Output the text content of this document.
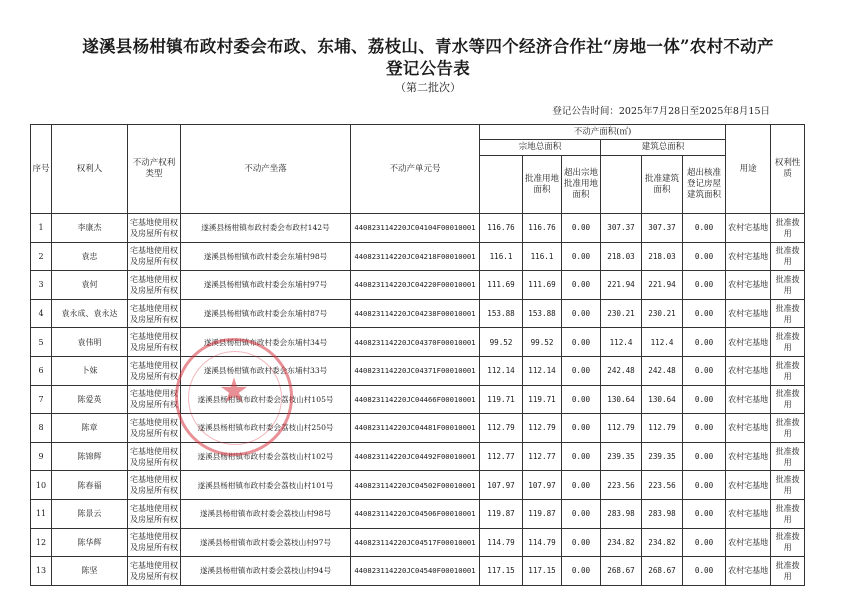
遂溪县杨柑镇布政村委会布政、东埔、荔枝山、青水等四个经济合作社“房地一体”农村不动产
登记公告表
（第二批次）
登记公告时间：2025年7月28日至2025年8月15日
序号	权利人	不动产权利类型	不动产坐落	不动产单元号	不动产面积(㎡)						用途	权利性质
					宗地总面积			建筑总面积				
						批准用地面积	超出宗地批准用地面积		批准建筑面积	超出核准登记房屋建筑面积		
1	李康杰	宅基地使用权及房屋所有权	遂溪县杨柑镇布政村委会布政村142号	440823114220JC04104F00010001	116.76	116.76	0.00	307.37	307.37	0.00	农村宅基地	批准拨用
2	袁忠	宅基地使用权及房屋所有权	遂溪县杨柑镇布政村委会东埔村98号	440823114220JC04218F00010001	116.1	116.1	0.00	218.03	218.03	0.00	农村宅基地	批准拨用
3	袁何	宅基地使用权及房屋所有权	遂溪县杨柑镇布政村委会东埔村97号	440823114220JC04220F00010001	111.69	111.69	0.00	221.94	221.94	0.00	农村宅基地	批准拨用
4	袁永成、袁永达	宅基地使用权及房屋所有权	遂溪县杨柑镇布政村委会东埔村87号	440823114220JC04238F00010001	153.88	153.88	0.00	230.21	230.21	0.00	农村宅基地	批准拨用
5	袁伟明	宅基地使用权及房屋所有权	遂溪县杨柑镇布政村委会东埔村34号	440823114220JC04370F00010001	99.52	99.52	0.00	112.4	112.4	0.00	农村宅基地	批准拨用
6	卜妹	宅基地使用权及房屋所有权	遂溪县杨柑镇布政村委会东埔村33号	440823114220JC04371F00010001	112.14	112.14	0.00	242.48	242.48	0.00	农村宅基地	批准拨用
7	陈爱英	宅基地使用权及房屋所有权	遂溪县杨柑镇布政村委会荔枝山村105号	440823114220JC04466F00010001	119.71	119.71	0.00	130.64	130.64	0.00	农村宅基地	批准拨用
8	陈章	宅基地使用权及房屋所有权	遂溪县杨柑镇布政村委会荔枝山村250号	440823114220JC04481F00010001	112.79	112.79	0.00	112.79	112.79	0.00	农村宅基地	批准拨用
9	陈锦辉	宅基地使用权及房屋所有权	遂溪县杨柑镇布政村委会荔枝山村102号	440823114220JC04492F00010001	112.77	112.77	0.00	239.35	239.35	0.00	农村宅基地	批准拨用
10	陈春福	宅基地使用权及房屋所有权	遂溪县杨柑镇布政村委会荔枝山村101号	440823114220JC04502F00010001	107.97	107.97	0.00	223.56	223.56	0.00	农村宅基地	批准拨用
11	陈景云	宅基地使用权及房屋所有权	遂溪县杨柑镇布政村委会荔枝山村98号	440823114220JC04506F00010001	119.87	119.87	0.00	283.98	283.98	0.00	农村宅基地	批准拨用
12	陈华辉	宅基地使用权及房屋所有权	遂溪县杨柑镇布政村委会荔枝山村97号	440823114220JC04517F00010001	114.79	114.79	0.00	234.82	234.82	0.00	农村宅基地	批准拨用
13	陈坚	宅基地使用权及房屋所有权	遂溪县杨柑镇布政村委会荔枝山村94号	440823114220JC04540F00010001	117.15	117.15	0.00	268.67	268.67	0.00	农村宅基地	批准拨用
★
